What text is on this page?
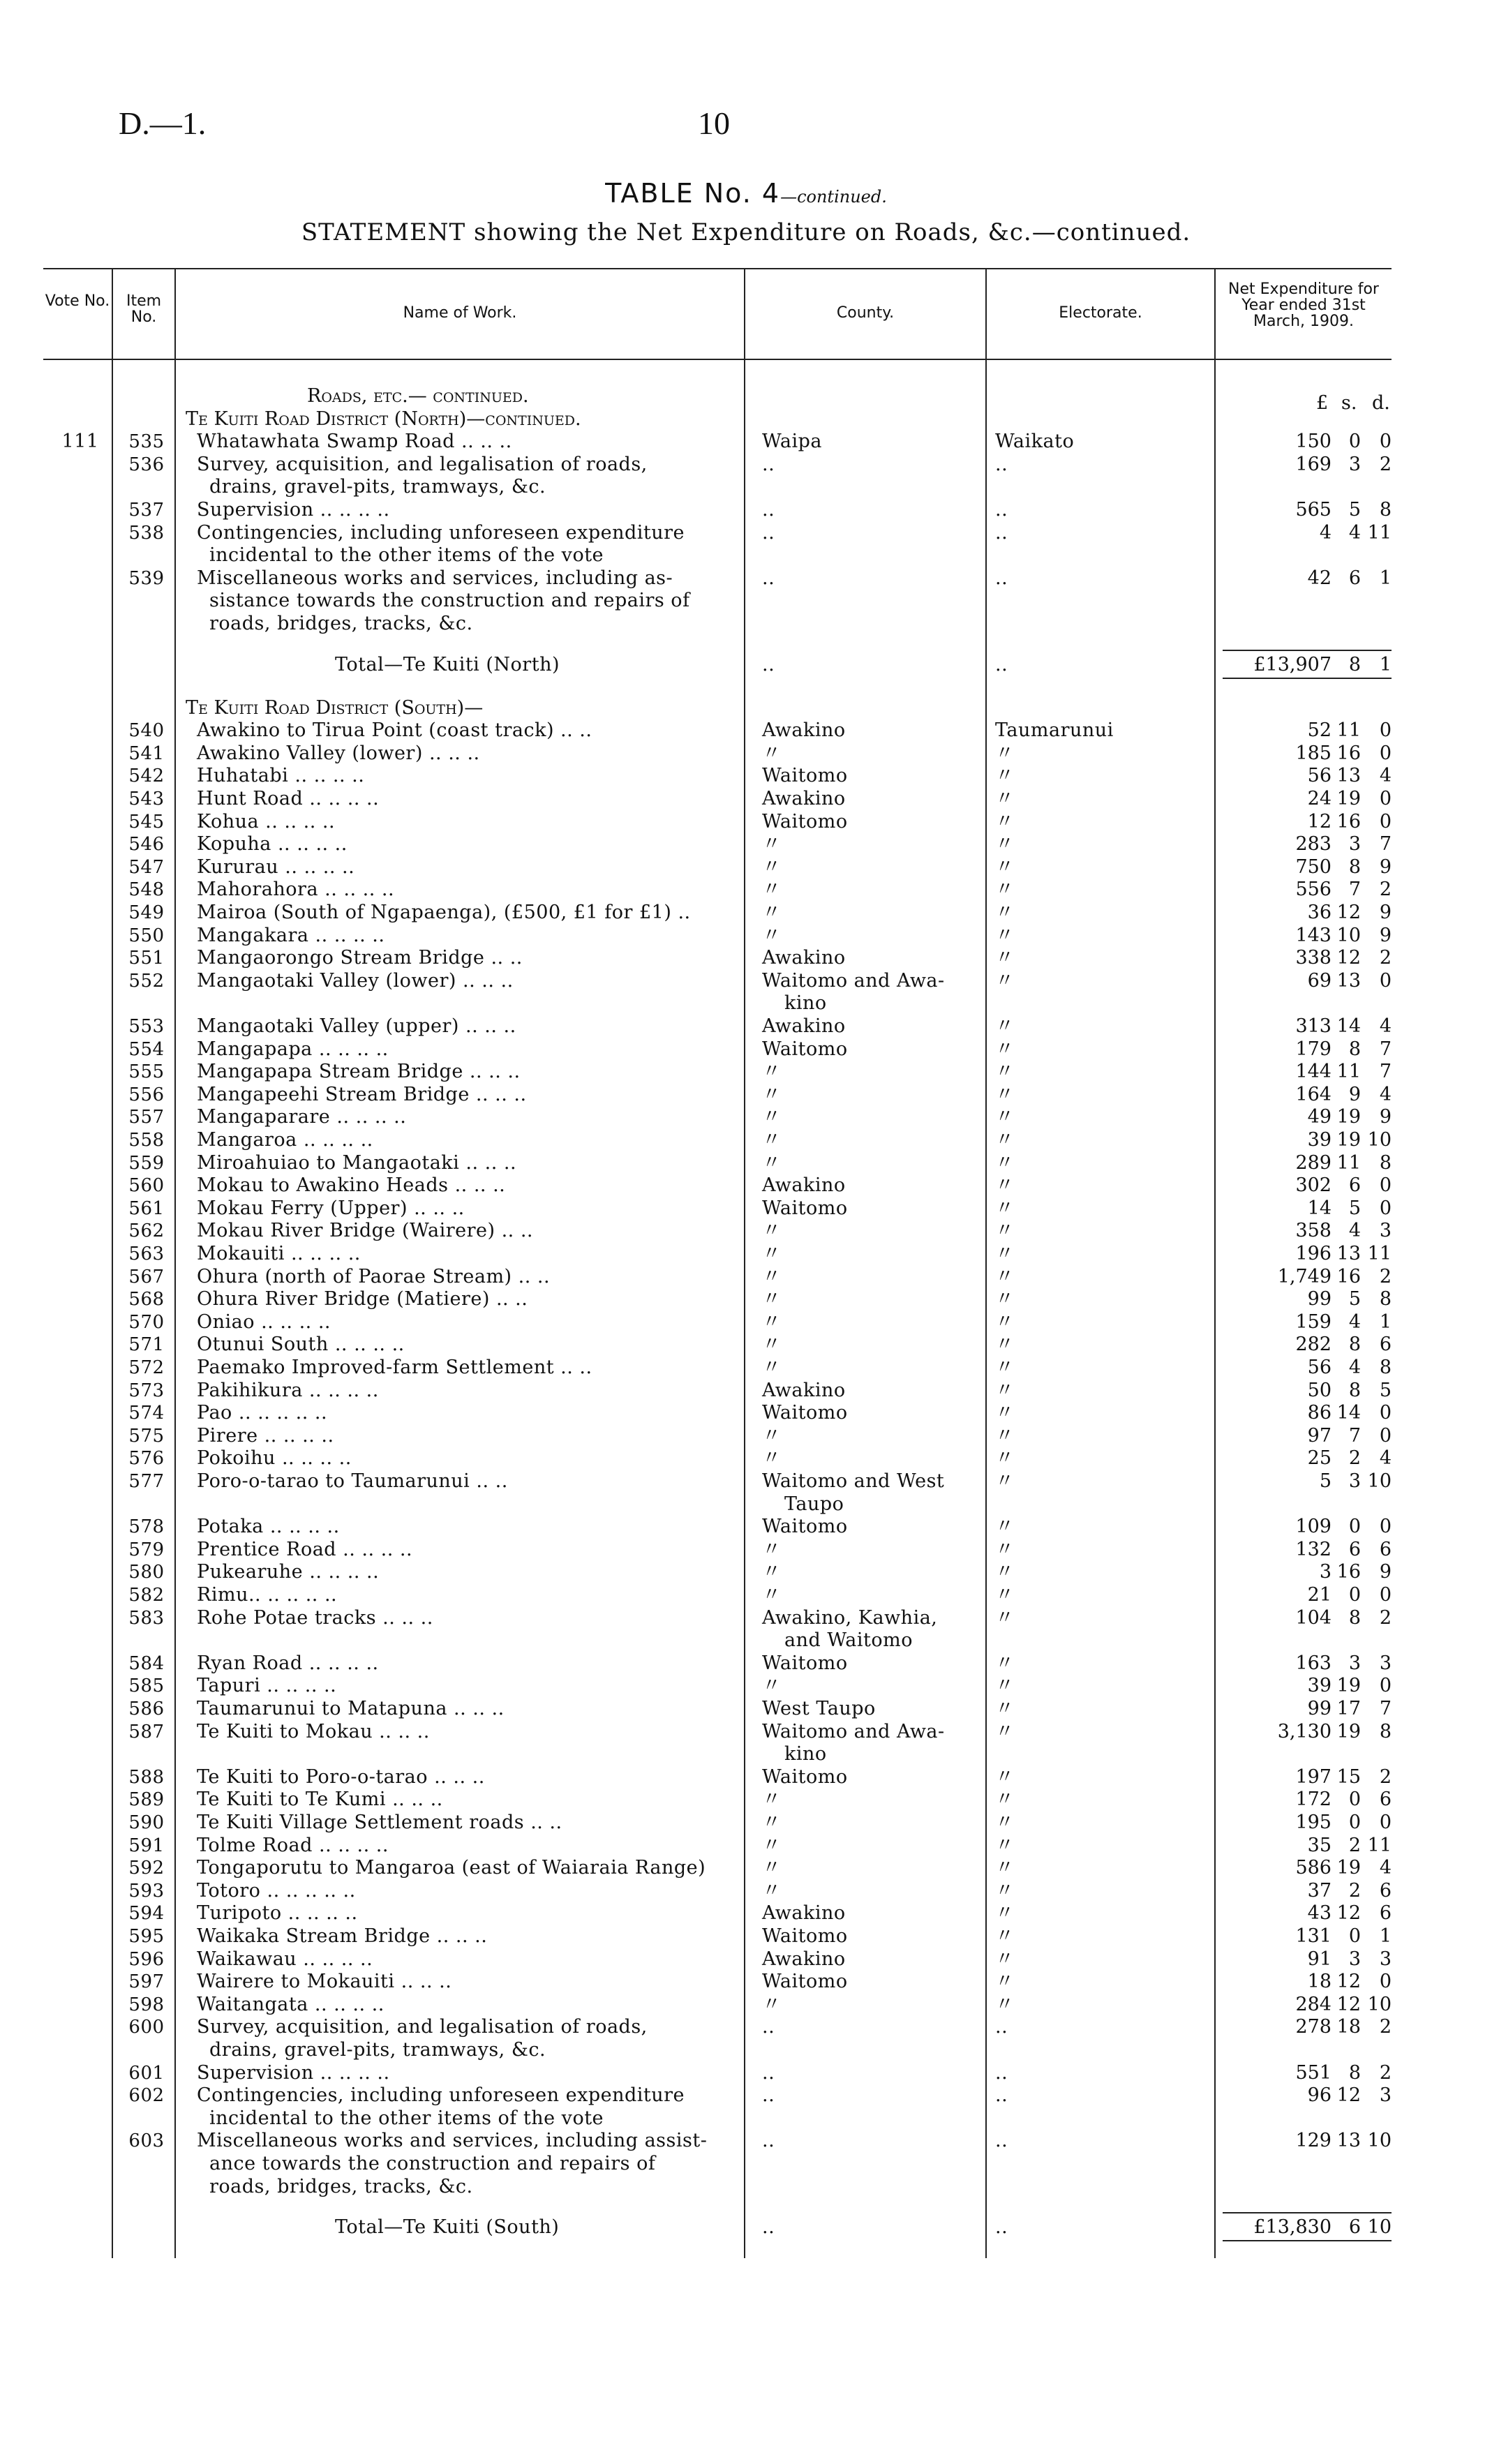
D.—1.	10
TABLE No. 4—continued.
STATEMENT showing the Net Expenditure on Roads, &c.—continued.
Vote No.	Item No.	Name of Work.	County.	Electorate.
Net Expenditure for Year ended 31st March, 1909.
Roads, etc.— continued.	£ s. d.
Te Kuiti Road District (North)—continued.
111	535	Whatawhata Swamp Road .. .. ..	Waipa	Waikato	150 0 0
536	Survey, acquisition, and legalisation of roads,
drains, gravel-pits, tramways, &c.
..	..	169 3 2
537	Supervision .. .. .. ..	..	..	565 5 8
538	Contingencies, including unforeseen expenditure
incidental to the other items of the vote
..	..	4 4 11
539	Miscellaneous works and services, including as-
sistance towards the construction and repairs of
roads, bridges, tracks, &c.
..	..	42 6 1
Total—Te Kuiti (North)	..	..	£13,907 8 1
Te Kuiti Road District (South)—
540	Awakino to Tirua Point (coast track) .. ..	Awakino	Taumarunui	52 11 0
541	Awakino Valley (lower) .. .. ..	〃	〃	185 16 0
542	Huhatabi .. .. .. ..	Waitomo	〃	56 13 4
543	Hunt Road .. .. .. ..	Awakino	〃	24 19 0
545	Kohua .. .. .. ..	Waitomo	〃	12 16 0
546	Kopuha .. .. .. ..	〃	〃	283 3 7
547	Kururau .. .. .. ..	〃	〃	750 8 9
548	Mahorahora .. .. .. ..	〃	〃	556 7 2
549	Mairoa (South of Ngapaenga), (£500, £1 for £1) ..	〃	〃	36 12 9
550	Mangakara .. .. .. ..	〃	〃	143 10 9
551	Mangaorongo Stream Bridge .. ..	Awakino	〃	338 12 2
552	Mangaotaki Valley (lower) .. .. ..	Waitomo and Awa-
kino
〃	69 13 0
553	Mangaotaki Valley (upper) .. .. ..	Awakino	〃	313 14 4
554	Mangapapa .. .. .. ..	Waitomo	〃	179 8 7
555	Mangapapa Stream Bridge .. .. ..	〃	〃	144 11 7
556	Mangapeehi Stream Bridge .. .. ..	〃	〃	164 9 4
557	Mangaparare .. .. .. ..	〃	〃	49 19 9
558	Mangaroa .. .. .. ..	〃	〃	39 19 10
559	Miroahuiao to Mangaotaki .. .. ..	〃	〃	289 11 8
560	Mokau to Awakino Heads .. .. ..	Awakino	〃	302 6 0
561	Mokau Ferry (Upper) .. .. ..	Waitomo	〃	14 5 0
562	Mokau River Bridge (Wairere) .. ..	〃	〃	358 4 3
563	Mokauiti .. .. .. ..	〃	〃	196 13 11
567	Ohura (north of Paorae Stream) .. ..	〃	〃	1,749 16 2
568	Ohura River Bridge (Matiere) .. ..	〃	〃	99 5 8
570	Oniao .. .. .. ..	〃	〃	159 4 1
571	Otunui South .. .. .. ..	〃	〃	282 8 6
572	Paemako Improved-farm Settlement .. ..	〃	〃	56 4 8
573	Pakihikura .. .. .. ..	Awakino	〃	50 8 5
574	Pao .. .. .. .. ..	Waitomo	〃	86 14 0
575	Pirere .. .. .. ..	〃	〃	97 7 0
576	Pokoihu .. .. .. ..	〃	〃	25 2 4
577	Poro-o-tarao to Taumarunui .. ..	Waitomo and West
Taupo
〃	5 3 10
578	Potaka .. .. .. ..	Waitomo	〃	109 0 0
579	Prentice Road .. .. .. ..	〃	〃	132 6 6
580	Pukearuhe .. .. .. ..	〃	〃	3 16 9
582	Rimu.. .. .. .. ..	〃	〃	21 0 0
583	Rohe Potae tracks .. .. ..	Awakino, Kawhia,
and Waitomo
〃	104 8 2
584	Ryan Road .. .. .. ..	Waitomo	〃	163 3 3
585	Tapuri .. .. .. ..	〃	〃	39 19 0
586	Taumarunui to Matapuna .. .. ..	West Taupo	〃	99 17 7
587	Te Kuiti to Mokau .. .. ..	Waitomo and Awa-
kino
〃	3,130 19 8
588	Te Kuiti to Poro-o-tarao .. .. ..	Waitomo	〃	197 15 2
589	Te Kuiti to Te Kumi .. .. ..	〃	〃	172 0 6
590	Te Kuiti Village Settlement roads .. ..	〃	〃	195 0 0
591	Tolme Road .. .. .. ..	〃	〃	35 2 11
592	Tongaporutu to Mangaroa (east of Waiaraia Range)	〃	〃	586 19 4
593	Totoro .. .. .. .. ..	〃	〃	37 2 6
594	Turipoto .. .. .. ..	Awakino	〃	43 12 6
595	Waikaka Stream Bridge .. .. ..	Waitomo	〃	131 0 1
596	Waikawau .. .. .. ..	Awakino	〃	91 3 3
597	Wairere to Mokauiti .. .. ..	Waitomo	〃	18 12 0
598	Waitangata .. .. .. ..	〃	〃	284 12 10
600	Survey, acquisition, and legalisation of roads,
drains, gravel-pits, tramways, &c.
..	..	278 18 2
601	Supervision .. .. .. ..	..	..	551 8 2
602	Contingencies, including unforeseen expenditure
incidental to the other items of the vote
..	..	96 12 3
603	Miscellaneous works and services, including assist-
ance towards the construction and repairs of
roads, bridges, tracks, &c.
..	..	129 13 10
Total—Te Kuiti (South)	..	..	£13,830 6 10
